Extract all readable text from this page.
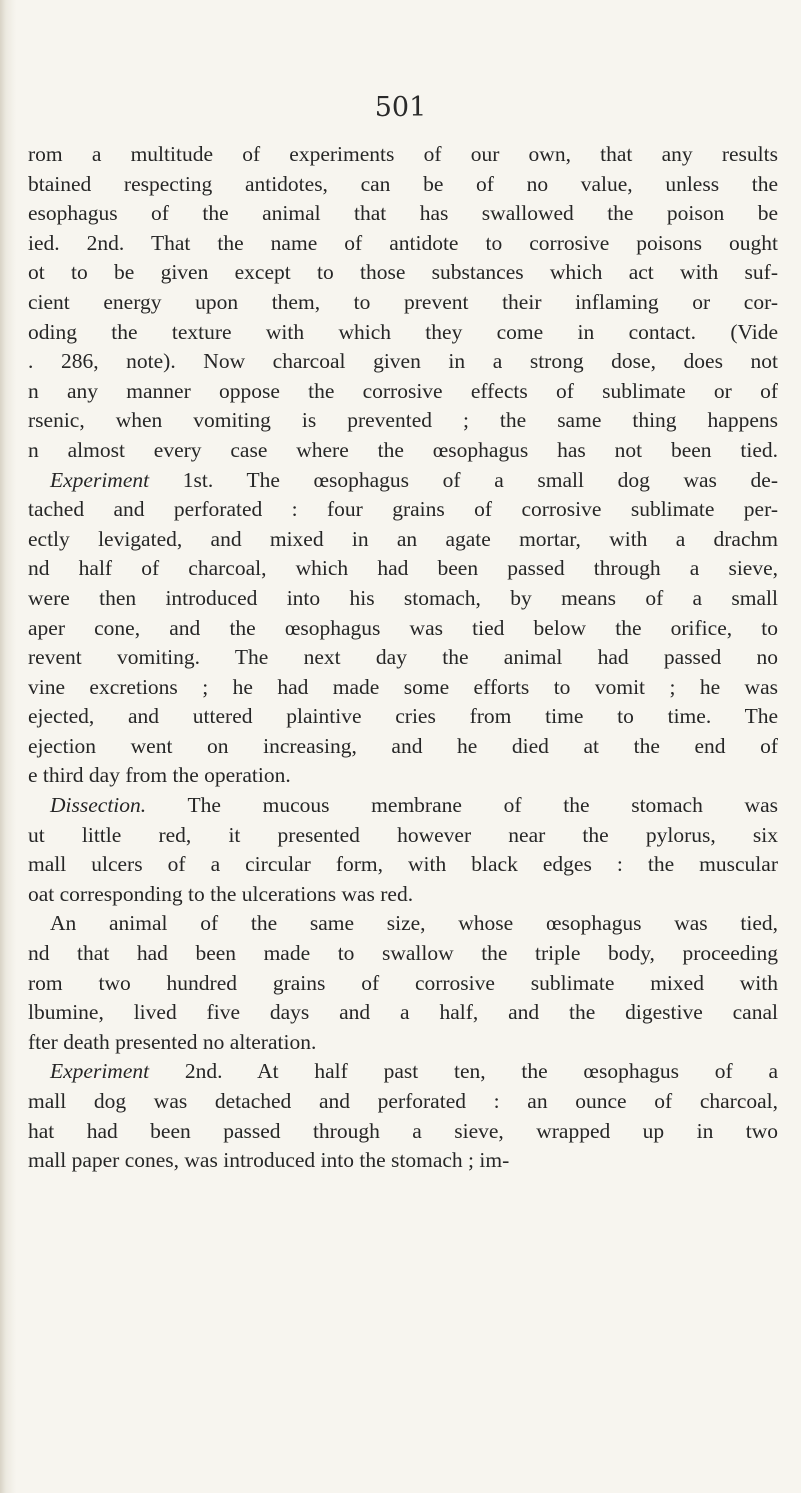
501
rom a multitude of experiments of our own, that any results
btained respecting antidotes, can be of no value, unless the
esophagus of the animal that has swallowed the poison be
ied. 2nd. That the name of antidote to corrosive poisons ought
ot to be given except to those substances which act with suf-
cient energy upon them, to prevent their inflaming or cor-
oding the texture with which they come in contact. (Vide
. 286, note). Now charcoal given in a strong dose, does not
n any manner oppose the corrosive effects of sublimate or of
rsenic, when vomiting is prevented ; the same thing happens
n almost every case where the œsophagus has not been tied.
Experiment 1st. The œsophagus of a small dog was de-
tached and perforated : four grains of corrosive sublimate per-
ectly levigated, and mixed in an agate mortar, with a drachm
nd half of charcoal, which had been passed through a sieve,
were then introduced into his stomach, by means of a small
aper cone, and the œsophagus was tied below the orifice, to
revent vomiting. The next day the animal had passed no
vine excretions ; he had made some efforts to vomit ; he was
ejected, and uttered plaintive cries from time to time. The
ejection went on increasing, and he died at the end of
e third day from the operation.
Dissection. The mucous membrane of the stomach was
ut little red, it presented however near the pylorus, six
mall ulcers of a circular form, with black edges : the muscular
oat corresponding to the ulcerations was red.
An animal of the same size, whose œsophagus was tied,
nd that had been made to swallow the triple body, proceeding
rom two hundred grains of corrosive sublimate mixed with
lbumine, lived five days and a half, and the digestive canal
fter death presented no alteration.
Experiment 2nd. At half past ten, the œsophagus of a
mall dog was detached and perforated : an ounce of charcoal,
hat had been passed through a sieve, wrapped up in two
mall paper cones, was introduced into the stomach ; im-
